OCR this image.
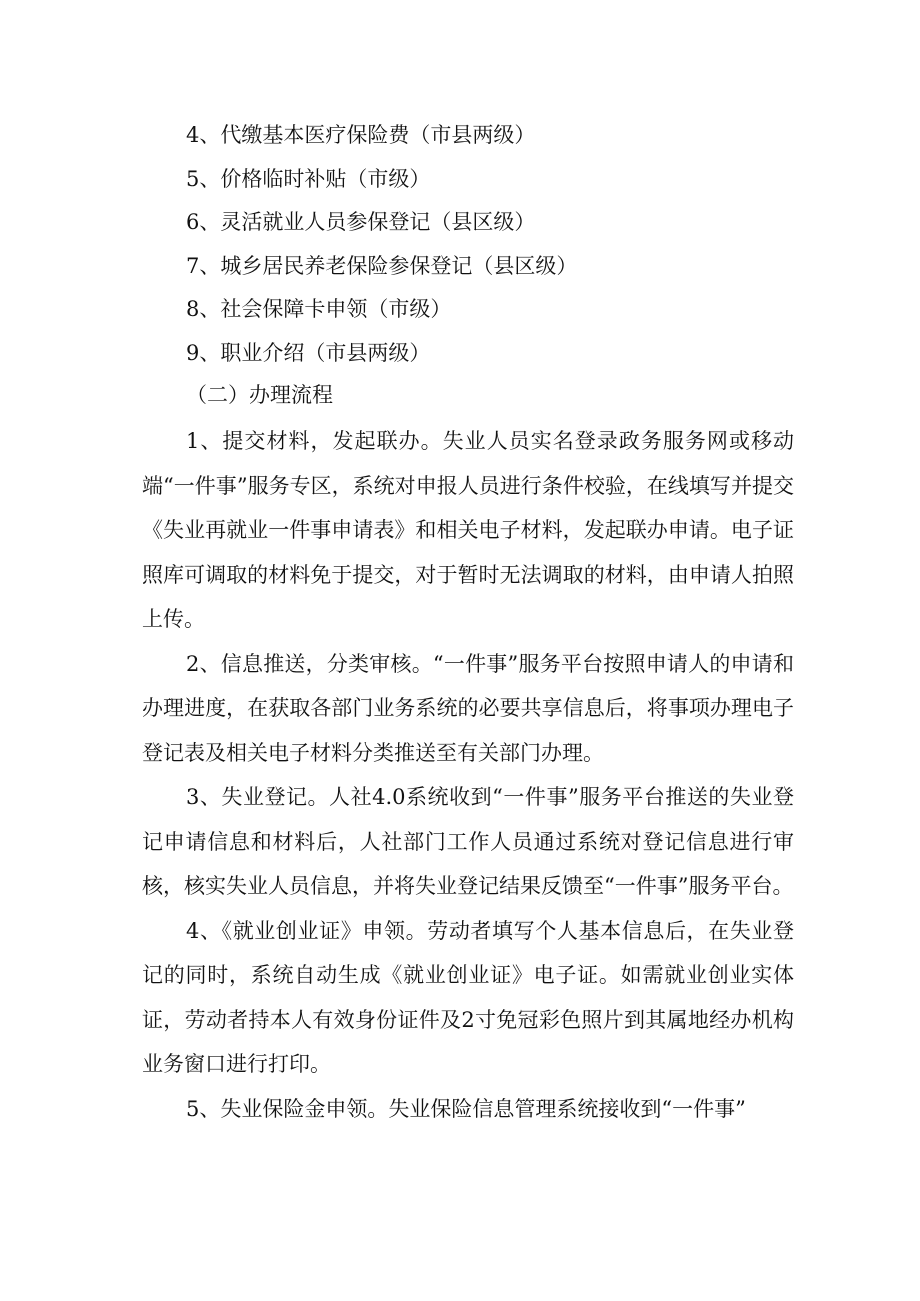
4、代缴基本医疗保险费（市县两级）
5、价格临时补贴（市级）
6、灵活就业人员参保登记（县区级）
7、城乡居民养老保险参保登记（县区级）
8、社会保障卡申领（市级）
9、职业介绍（市县两级）
（二）办理流程

1、提交材料，发起联办。失业人员实名登录政务服务网或移动端“一件事”服务专区，系统对申报人员进行条件校验，在线填写并提交《失业再就业一件事申请表》和相关电子材料，发起联办申请。电子证照库可调取的材料免于提交，对于暂时无法调取的材料，由申请人拍照上传。

2、信息推送，分类审核。“一件事”服务平台按照申请人的申请和办理进度，在获取各部门业务系统的必要共享信息后，将事项办理电子登记表及相关电子材料分类推送至有关部门办理。

3、失业登记。人社4.0系统收到“一件事”服务平台推送的失业登记申请信息和材料后，人社部门工作人员通过系统对登记信息进行审核，核实失业人员信息，并将失业登记结果反馈至“一件事”服务平台。

4、《就业创业证》申领。劳动者填写个人基本信息后，在失业登记的同时，系统自动生成《就业创业证》电子证。如需就业创业实体证，劳动者持本人有效身份证件及2寸免冠彩色照片到其属地经办机构业务窗口进行打印。

5、失业保险金申领。失业保险信息管理系统接收到“一件事”
